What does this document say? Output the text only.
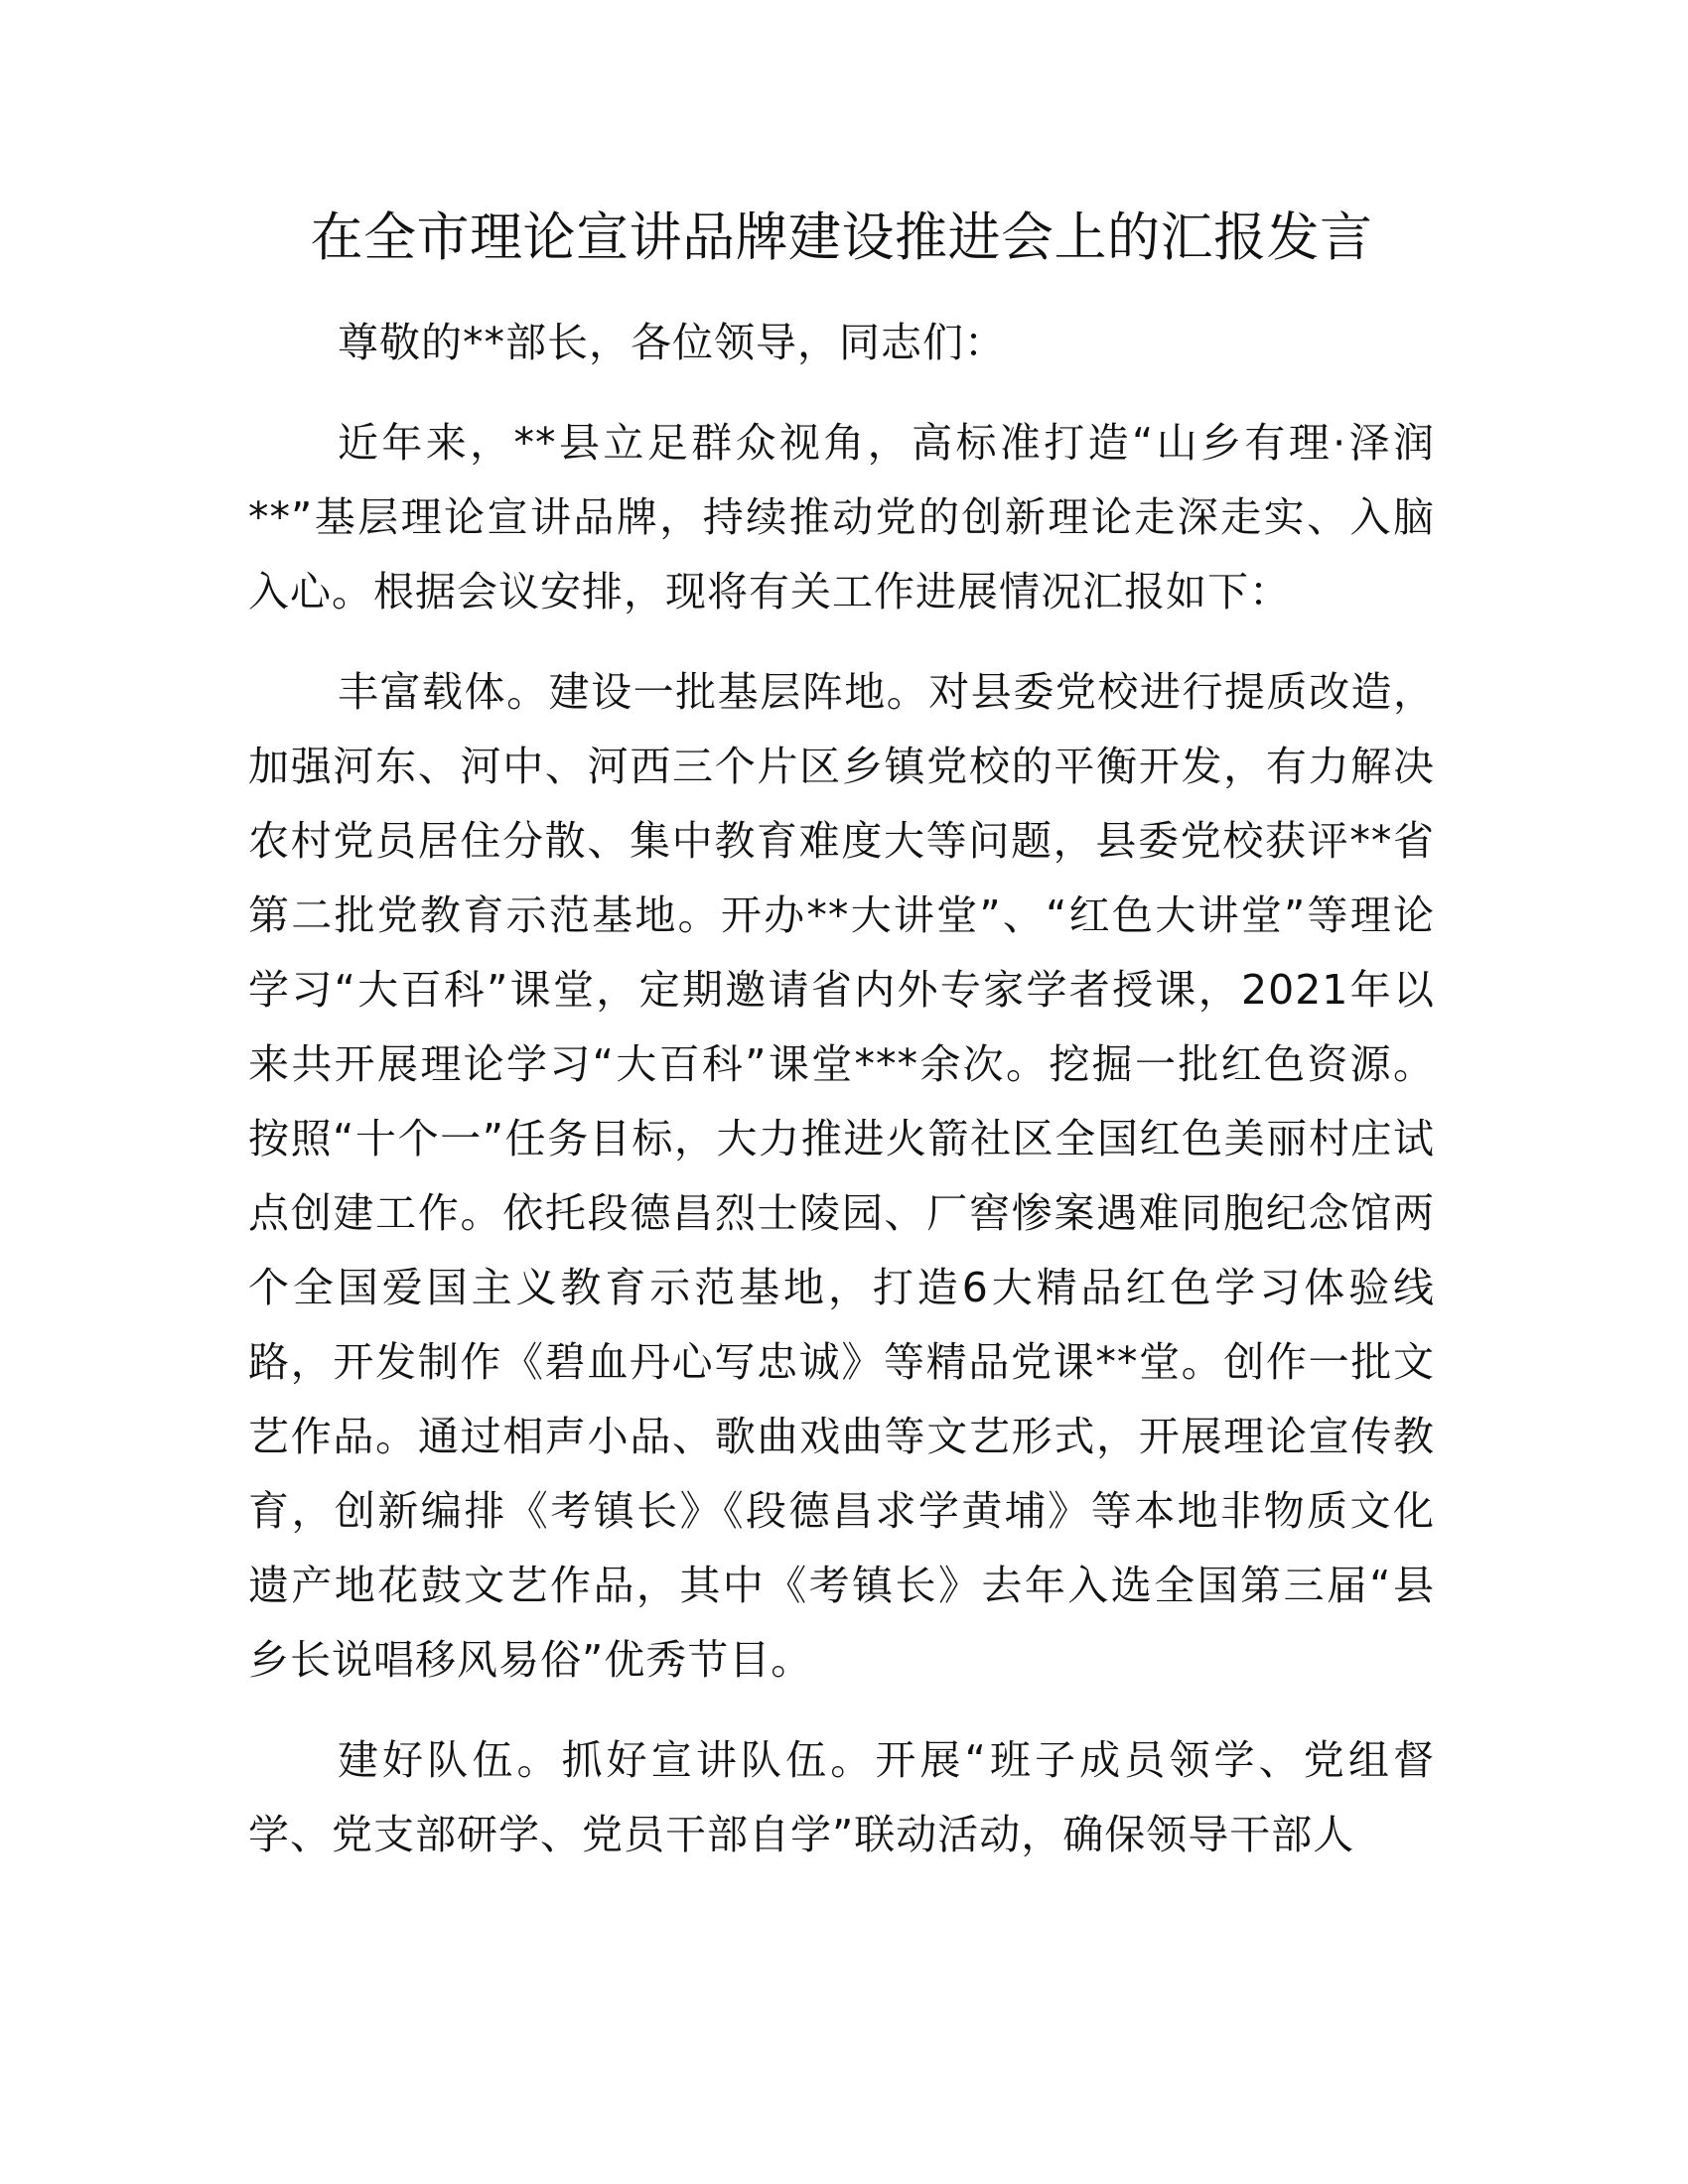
在全市理论宣讲品牌建设推进会上的汇报发言

尊敬的**部长，各位领导，同志们：

近年来，**县立足群众视角，高标准打造“山乡有理·泽润**”基层理论宣讲品牌，持续推动党的创新理论走深走实、入脑入心。根据会议安排，现将有关工作进展情况汇报如下：

丰富载体。建设一批基层阵地。对县委党校进行提质改造，加强河东、河中、河西三个片区乡镇党校的平衡开发，有力解决农村党员居住分散、集中教育难度大等问题，县委党校获评**省第二批党教育示范基地。开办**大讲堂”、“红色大讲堂”等理论学习“大百科”课堂，定期邀请省内外专家学者授课，2021年以来共开展理论学习“大百科”课堂***余次。挖掘一批红色资源。按照“十个一”任务目标，大力推进火箭社区全国红色美丽村庄试点创建工作。依托段德昌烈士陵园、厂窖惨案遇难同胞纪念馆两个全国爱国主义教育示范基地，打造6大精品红色学习体验线路，开发制作《碧血丹心写忠诚》等精品党课**堂。创作一批文艺作品。通过相声小品、歌曲戏曲等文艺形式，开展理论宣传教育，创新编排《考镇长》《段德昌求学黄埔》等本地非物质文化遗产地花鼓文艺作品，其中《考镇长》去年入选全国第三届“县乡长说唱移风易俗”优秀节目。

建好队伍。抓好宣讲队伍。开展“班子成员领学、党组督学、党支部研学、党员干部自学”联动活动，确保领导干部人
